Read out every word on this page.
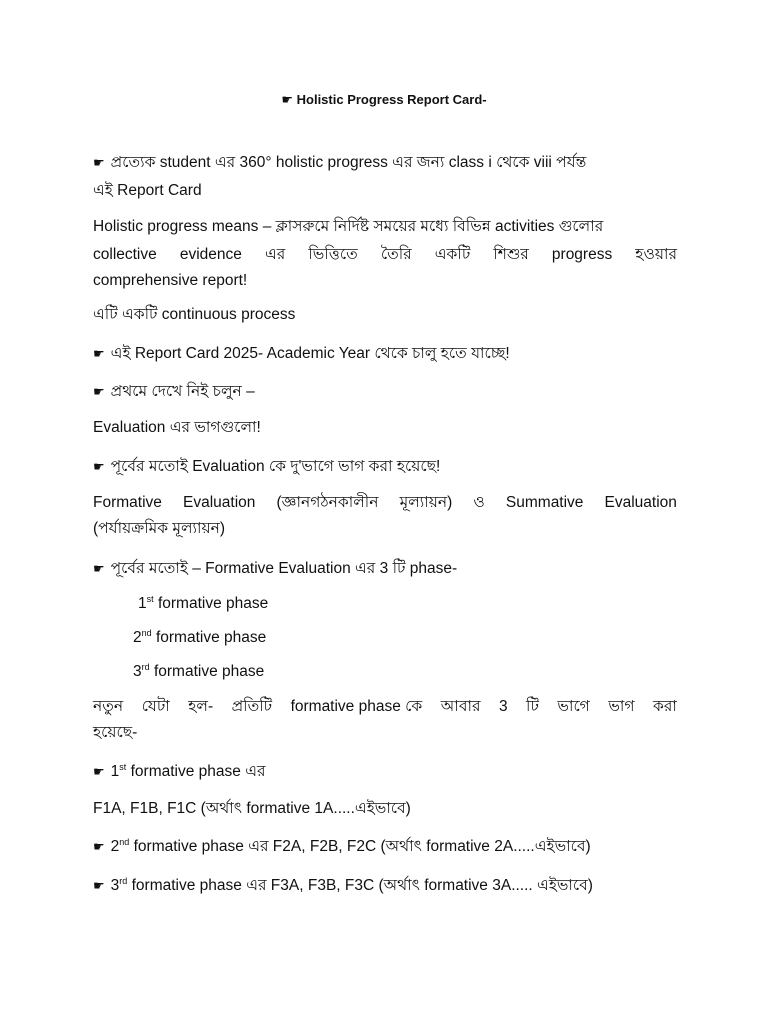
☛ Holistic Progress Report Card-
☛ প্রত্যেক student এর 360° holistic progress এর জন্য class i থেকে viii পর্যন্ত
এই Report Card
Holistic progress means – ক্লাসরুমে নির্দিষ্ট সময়ের মধ্যে বিভিন্ন activities গুলোর
collective evidence এর ভিত্তিতে তৈরি একটি শিশুর progress হওয়ার
comprehensive report!
এটি একটি continuous process
☛ এই Report Card 2025- Academic Year থেকে চালু হতে যাচ্ছে!
☛ প্রথমে দেখে নিই চলুন –
Evaluation এর ভাগগুলো!
☛ পূর্বের মতোই Evaluation কে দু'ভাগে ভাগ করা হয়েছে!
Formative Evaluation (জ্ঞানগঠনকালীন মূল্যায়ন) ও Summative Evaluation
(পর্যায়ক্রমিক মূল্যায়ন)
☛ পূর্বের মতোই – Formative Evaluation এর 3 টি phase-
1st formative phase
2nd formative phase
3rd formative phase
নতুন যেটা হল- প্রতিটি formative phase কে আবার 3 টি ভাগে ভাগ করা
হয়েছে-
☛ 1st formative phase এর
F1A, F1B, F1C (অর্থাৎ formative 1A.....এইভাবে)
☛ 2nd formative phase এর F2A, F2B, F2C (অর্থাৎ formative 2A.....এইভাবে)
☛ 3rd formative phase এর F3A, F3B, F3C (অর্থাৎ formative 3A..... এইভাবে)
